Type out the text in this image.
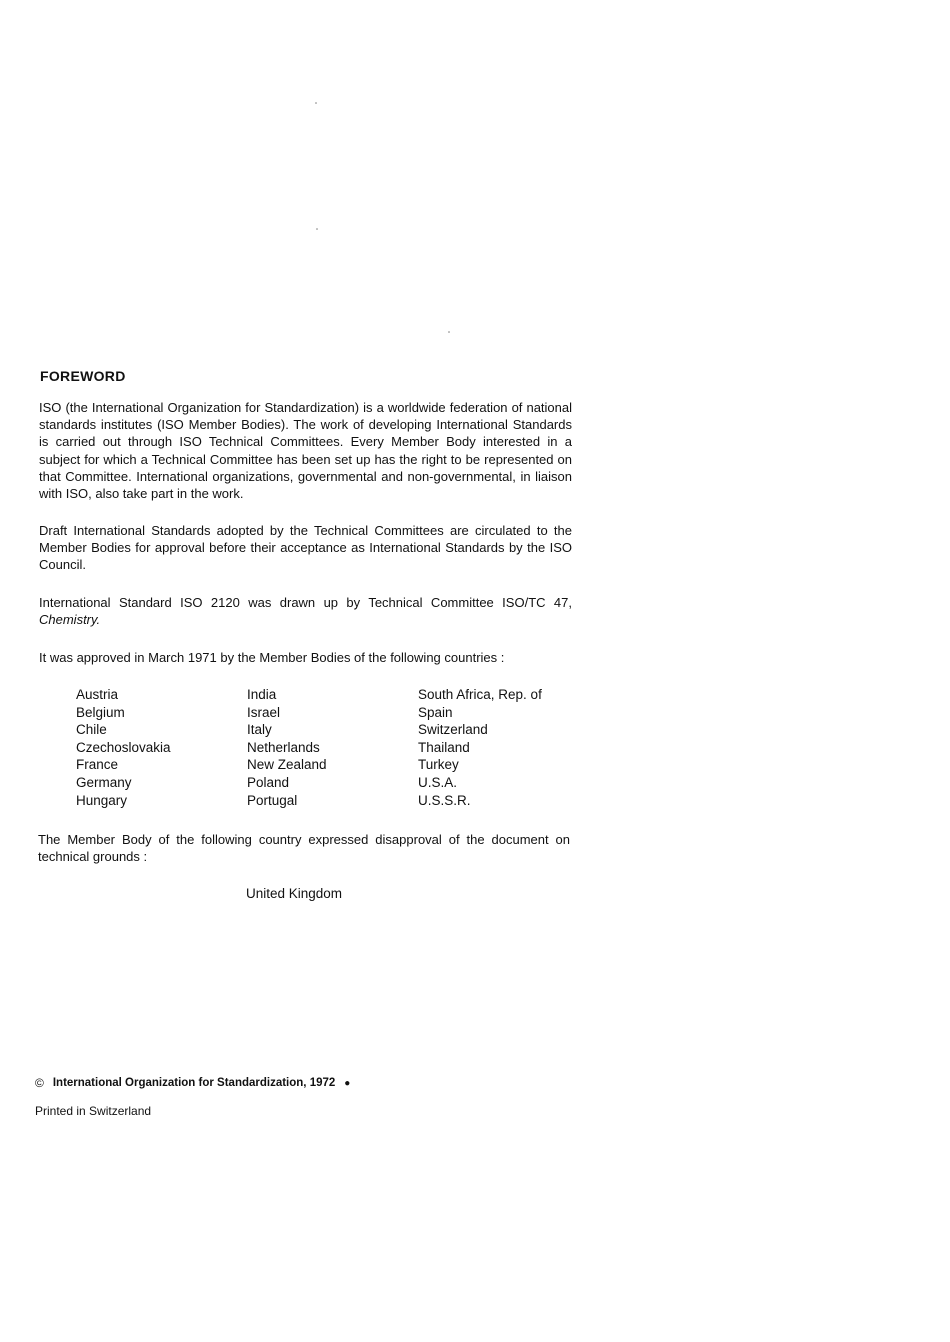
FOREWORD

ISO (the International Organization for Standardization) is a worldwide federation of national standards institutes (ISO Member Bodies). The work of developing International Standards is carried out through ISO Technical Committees. Every Member Body interested in a subject for which a Technical Committee has been set up has the right to be represented on that Committee. International organizations, governmental and non-governmental, in liaison with ISO, also take part in the work.

Draft International Standards adopted by the Technical Committees are circulated to the Member Bodies for approval before their acceptance as International Standards by the ISO Council.

International Standard ISO 2120 was drawn up by Technical Committee ISO/TC 47, Chemistry.

It was approved in March 1971 by the Member Bodies of the following countries :

Austria
Belgium
Chile
Czechoslovakia
France
Germany
Hungary
India
Israel
Italy
Netherlands
New Zealand
Poland
Portugal
South Africa, Rep. of
Spain
Switzerland
Thailand
Turkey
U.S.A.
U.S.S.R.

The Member Body of the following country expressed disapproval of the document on technical grounds :

United Kingdom
© International Organization for Standardization, 1972 ●
Printed in Switzerland
